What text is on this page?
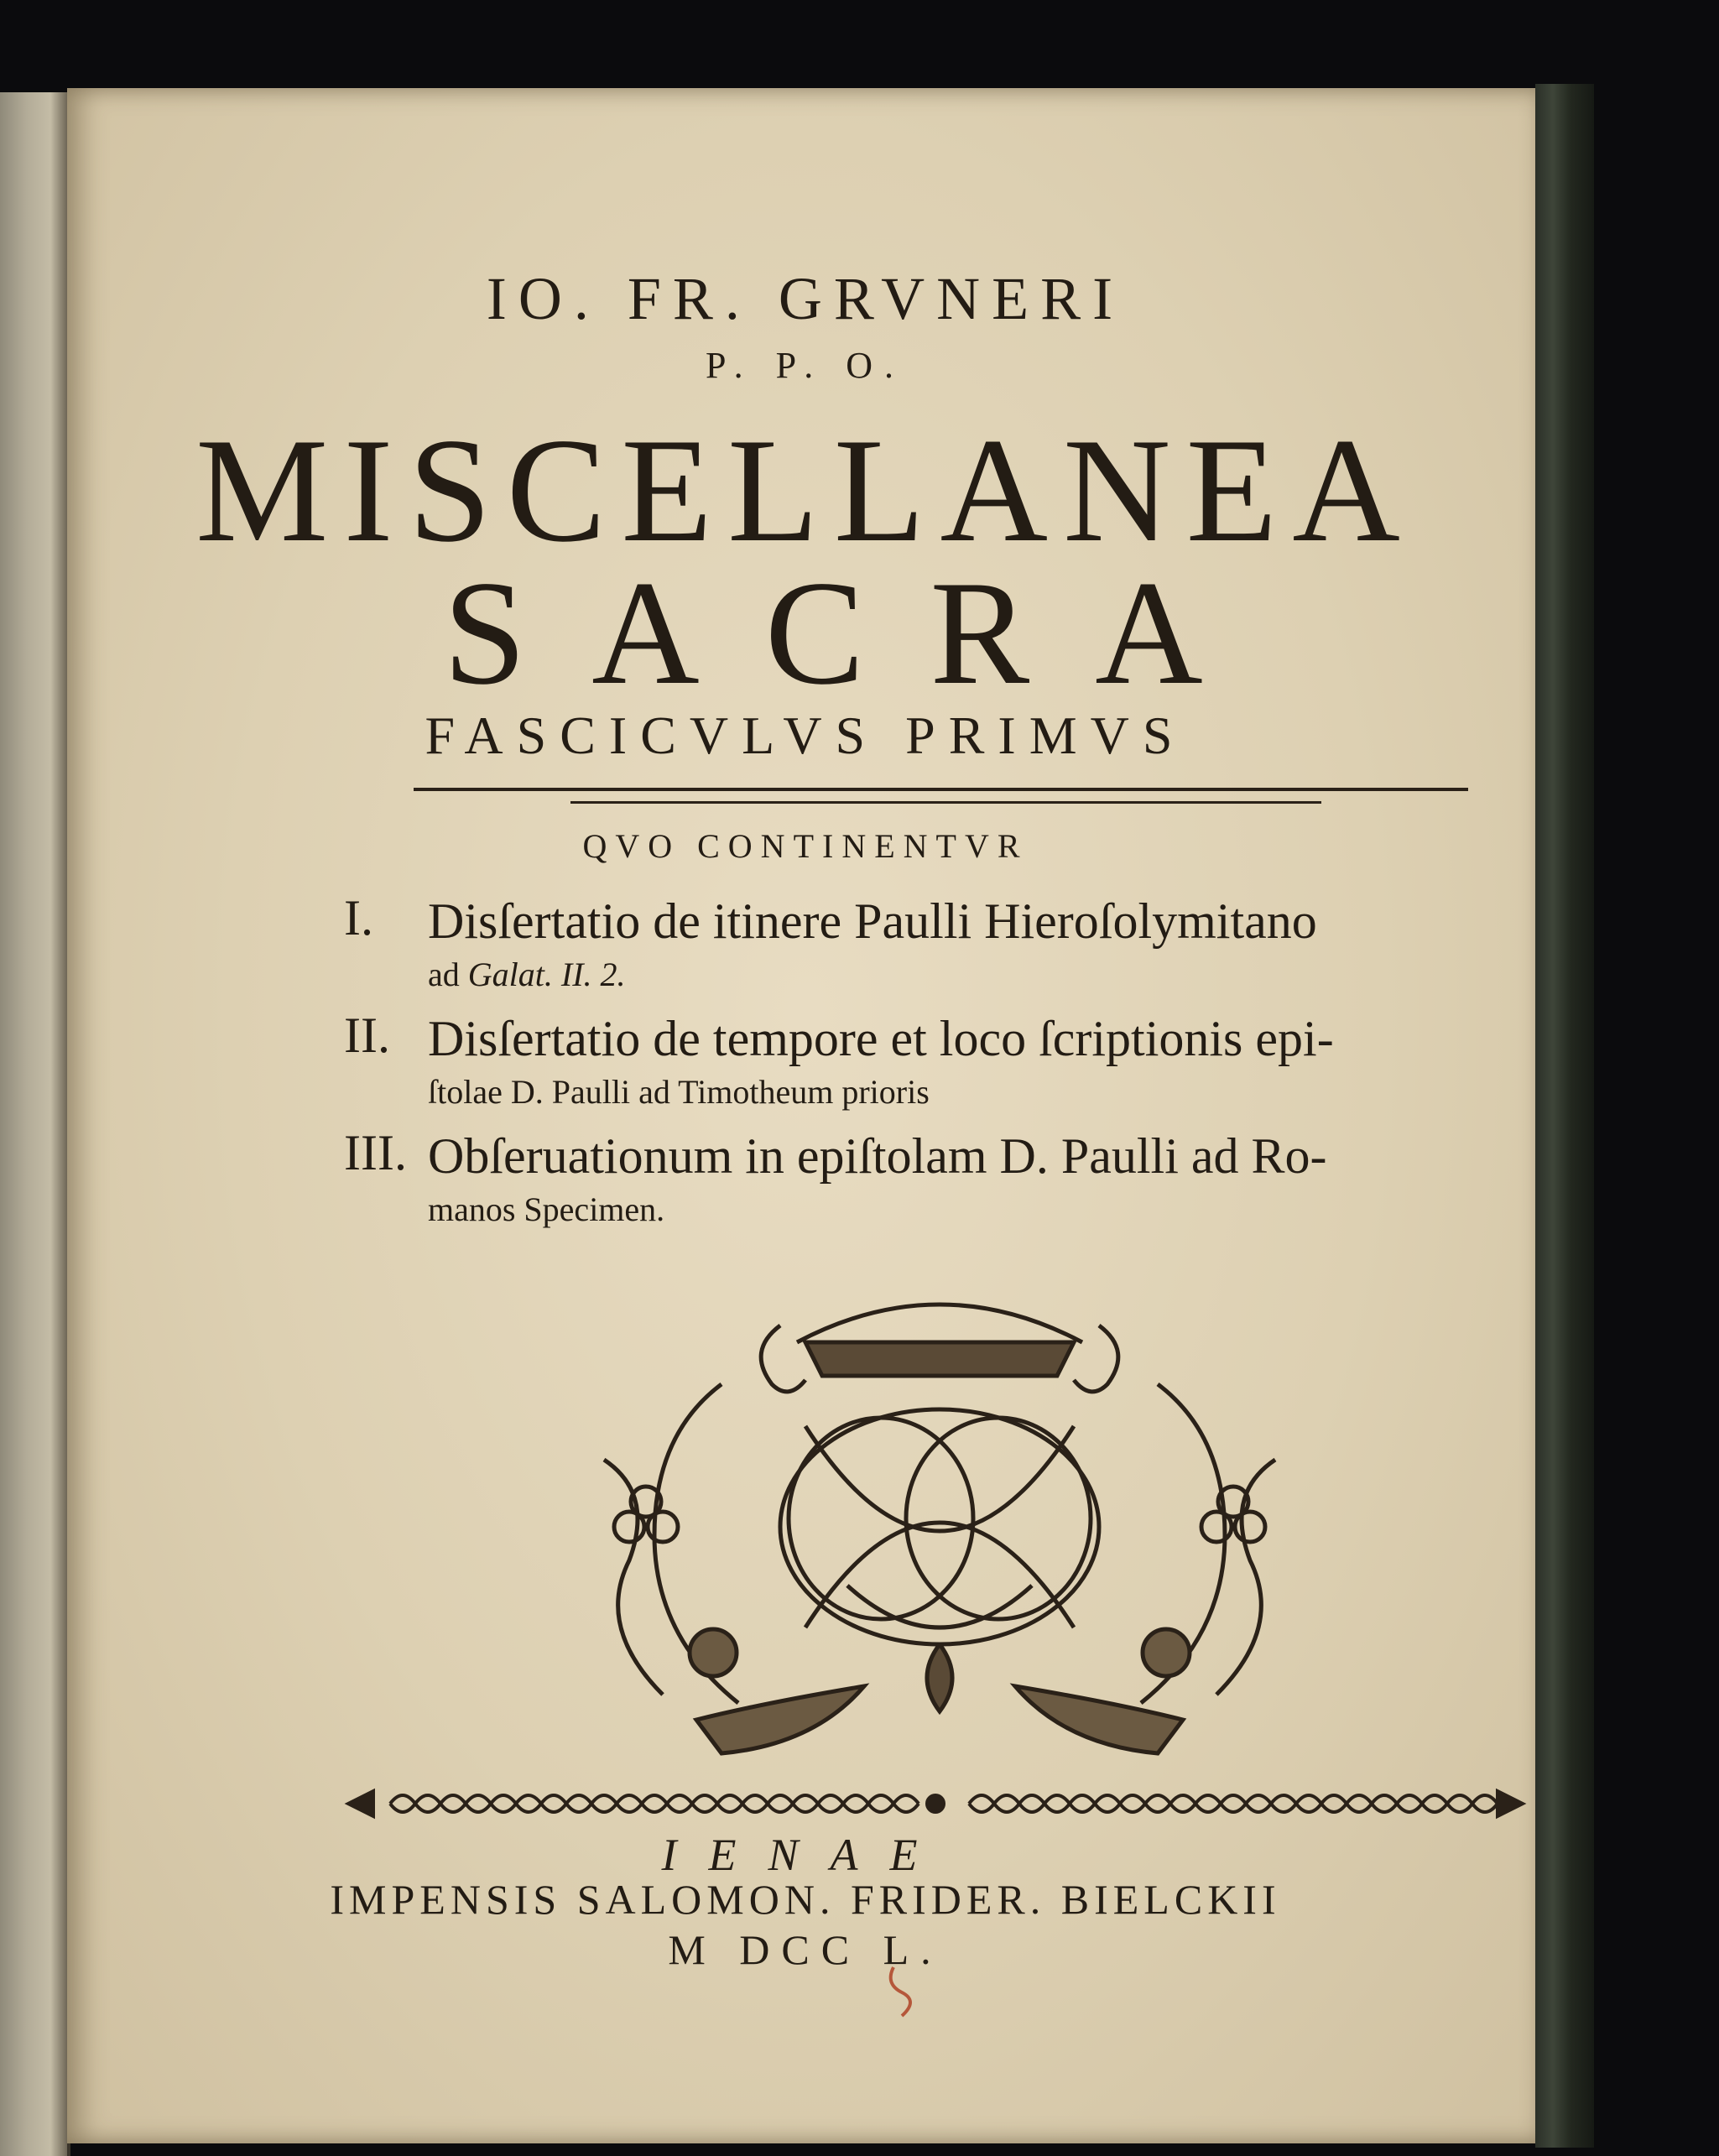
IO. FR. GRVNERI
P. P. O.
MISCELLANEA
SACRA
FASCICVLVS PRIMVS
QVO CONTINENTVR
I. Disſertatio de itinere Paulli Hieroſolymitano
ad Galat. II. 2.
II. Disſertatio de tempore et loco ſcriptionis epi-
ſtolae D. Paulli ad Timotheum prioris
III. Obſeruationum in epiſtolam D. Paulli ad Ro-
manos Specimen.
IENAE
IMPENSIS SALOMON. FRIDER. BIELCKII
M DCC L.
